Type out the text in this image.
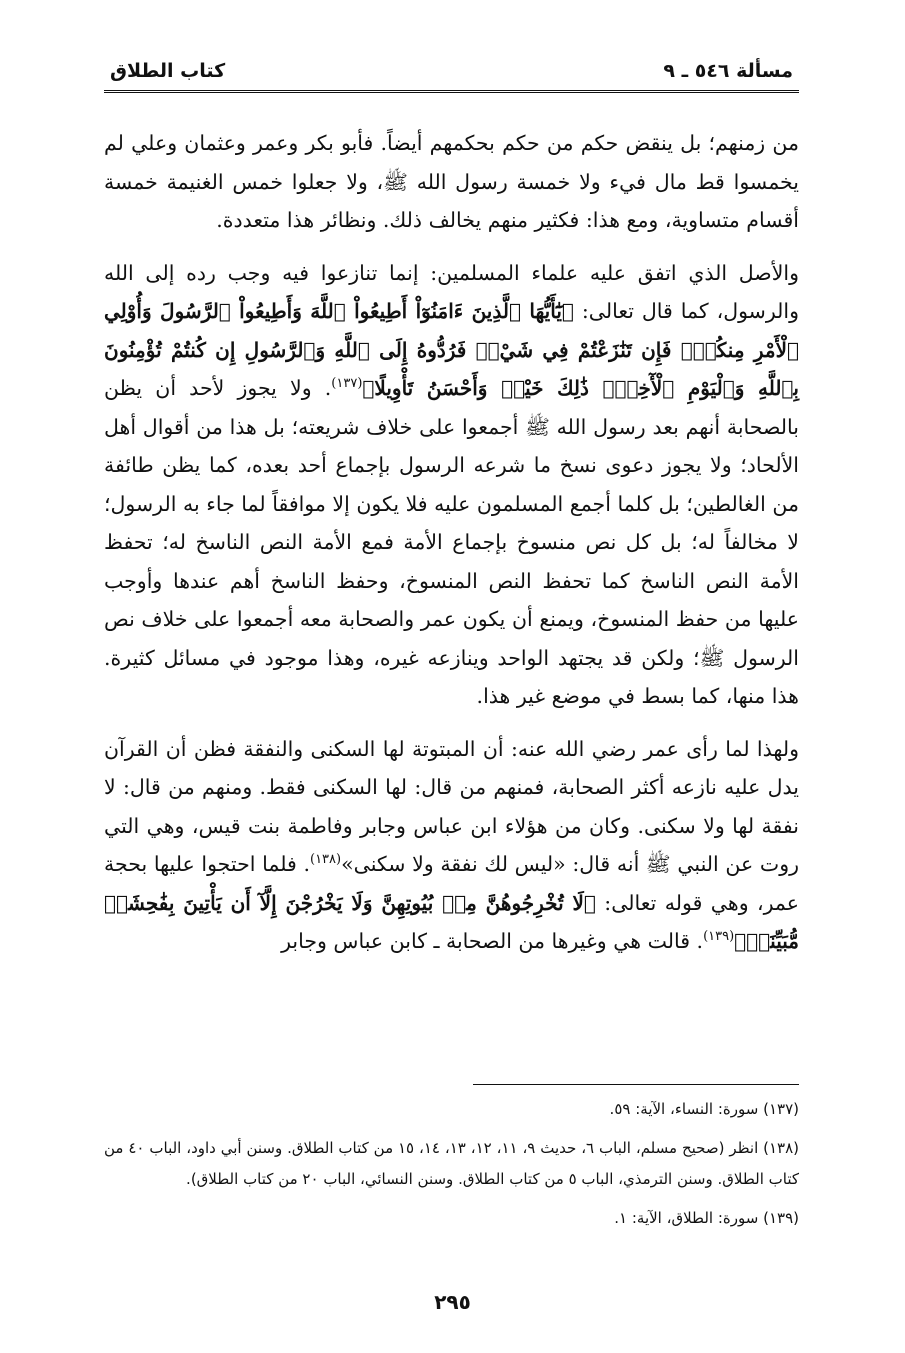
مسألة ٥٤٦ ـ ٩
كتاب الطلاق

من زمنهم؛ بل ينقض حكم من حكم بحكمهم أيضاً. فأبو بكر وعمر وعثمان وعلي لم يخمسوا قط مال فيء ولا خمسة رسول الله ﷺ، ولا جعلوا خمس الغنيمة خمسة أقسام متساوية، ومع هذا: فكثير منهم يخالف ذلك. ونظائر هذا متعددة.

والأصل الذي اتفق عليه علماء المسلمين: إنما تنازعوا فيه وجب رده إلى الله والرسول، كما قال تعالى: ﴿يَٰٓأَيُّهَا ٱلَّذِينَ ءَامَنُوٓاْ أَطِيعُواْ ٱللَّهَ وَأَطِيعُواْ ٱلرَّسُولَ وَأُوْلِي ٱلْأَمْرِ مِنكُمْۖ فَإِن تَنَٰزَعْتُمْ فِي شَيْءٖ فَرُدُّوهُ إِلَى ٱللَّهِ وَٱلرَّسُولِ إِن كُنتُمْ تُؤْمِنُونَ بِٱللَّهِ وَٱلْيَوْمِ ٱلْأٓخِرِۚ ذَٰلِكَ خَيْرٞ وَأَحْسَنُ تَأْوِيلًا﴾$^{(١٣٧)}$. ولا يجوز لأحد أن يظن بالصحابة أنهم بعد رسول الله ﷺ أجمعوا على خلاف شريعته؛ بل هذا من أقوال أهل الألحاد؛ ولا يجوز دعوى نسخ ما شرعه الرسول بإجماع أحد بعده، كما يظن طائفة من الغالطين؛ بل كلما أجمع المسلمون عليه فلا يكون إلا موافقاً لما جاء به الرسول؛ لا مخالفاً له؛ بل كل نص منسوخ بإجماع الأمة فمع الأمة النص الناسخ له؛ تحفظ الأمة النص الناسخ كما تحفظ النص المنسوخ، وحفظ الناسخ أهم عندها وأوجب عليها من حفظ المنسوخ، ويمنع أن يكون عمر والصحابة معه أجمعوا على خلاف نص الرسول ﷺ؛ ولكن قد يجتهد الواحد وينازعه غيره، وهذا موجود في مسائل كثيرة. هذا منها، كما بسط في موضع غير هذا.

ولهذا لما رأى عمر رضي الله عنه: أن المبتوتة لها السكنى والنفقة فظن أن القرآن يدل عليه نازعه أكثر الصحابة، فمنهم من قال: لها السكنى فقط. ومنهم من قال: لا نفقة لها ولا سكنى. وكان من هؤلاء ابن عباس وجابر وفاطمة بنت قيس، وهي التي روت عن النبي ﷺ أنه قال: «ليس لك نفقة ولا سكنى»$^{(١٣٨)}$. فلما احتجوا عليها بحجة عمر، وهي قوله تعالى: ﴿لَا تُخْرِجُوهُنَّ مِنۢ بُيُوتِهِنَّ وَلَا يَخْرُجْنَ إِلَّآ أَن يَأْتِينَ بِفَٰحِشَةٖ مُّبَيِّنَةٖ﴾$^{(١٣٩)}$. قالت هي وغيرها من الصحابة ـ كابن عباس وجابر

(١٣٧) سورة: النساء، الآية: ٥٩.

(١٣٨) انظر (صحيح مسلم، الباب ٦، حديث ٩، ١١، ١٢، ١٣، ١٤، ١٥ من كتاب الطلاق. وسنن أبي داود، الباب ٤٠ من كتاب الطلاق. وسنن الترمذي، الباب ٥ من كتاب الطلاق. وسنن النسائي، الباب ٢٠ من كتاب الطلاق).

(١٣٩) سورة: الطلاق، الآية: ١.

٢٩٥
